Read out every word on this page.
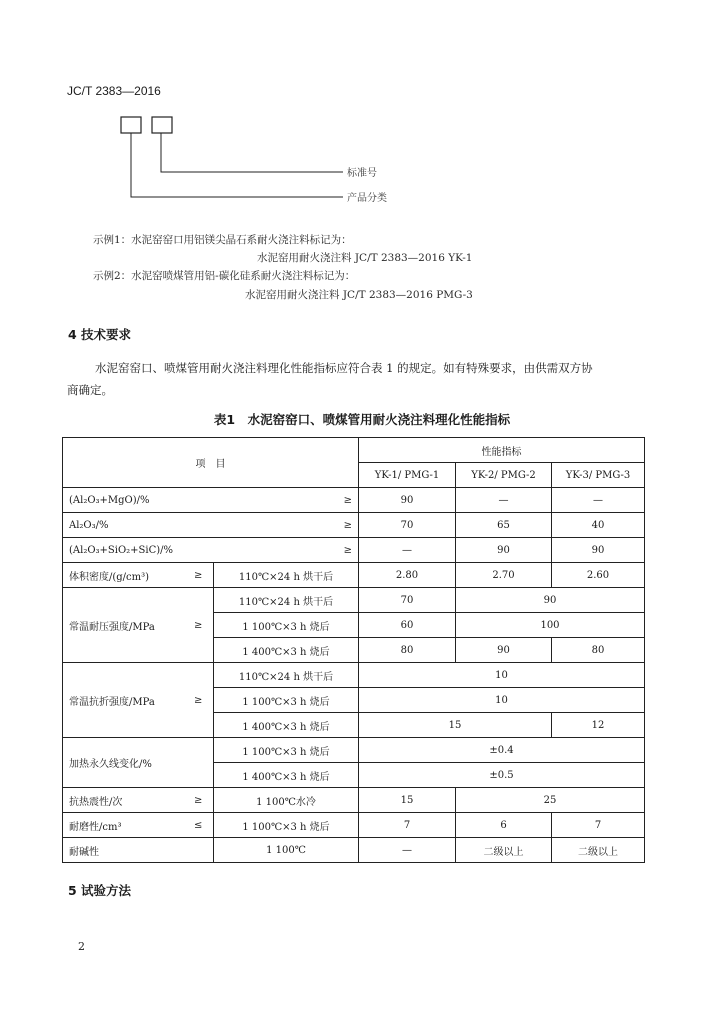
JC/T 2383—2016
标准号
产品分类
示例1：水泥窑窑口用铝镁尖晶石系耐火浇注料标记为：
水泥窑用耐火浇注料 JC/T 2383—2016 YK-1
示例2：水泥窑喷煤管用铝-碳化硅系耐火浇注料标记为：
水泥窑用耐火浇注料 JC/T 2383—2016 PMG-3
4 技术要求
水泥窑窑口、喷煤管用耐火浇注料理化性能指标应符合表 1 的规定。如有特殊要求，由供需双方协
商确定。
表1　水泥窑窑口、喷煤管用耐火浇注料理化性能指标
项　目			性能指标		
			YK-1/ PMG-1	YK-2/ PMG-2	YK-3/ PMG-3
(Al₂O₃+MgO)/%		≥	90	—	—
Al₂O₃/%		≥	70	65	40
(Al₂O₃+SiO₂+SiC)/%		≥	—	90	90
体积密度/(g/cm³)	≥	110℃×24 h 烘干后	2.80	2.70	2.60
常温耐压强度/MPa	≥	110℃×24 h 烘干后	70	90	
		1 100℃×3 h 烧后	60	100	
		1 400℃×3 h 烧后	80	90	80
常温抗折强度/MPa	≥	110℃×24 h 烘干后	10		
		1 100℃×3 h 烧后	10		
		1 400℃×3 h 烧后	15		12
加热永久线变化/%		1 100℃×3 h 烧后	±0.4		
		1 400℃×3 h 烧后	±0.5		
抗热震性/次	≥	1 100℃水冷	15	25	
耐磨性/cm³	≤	1 100℃×3 h 烧后	7	6	7
耐碱性		1 100℃	—	二级以上	二级以上
5 试验方法
2
